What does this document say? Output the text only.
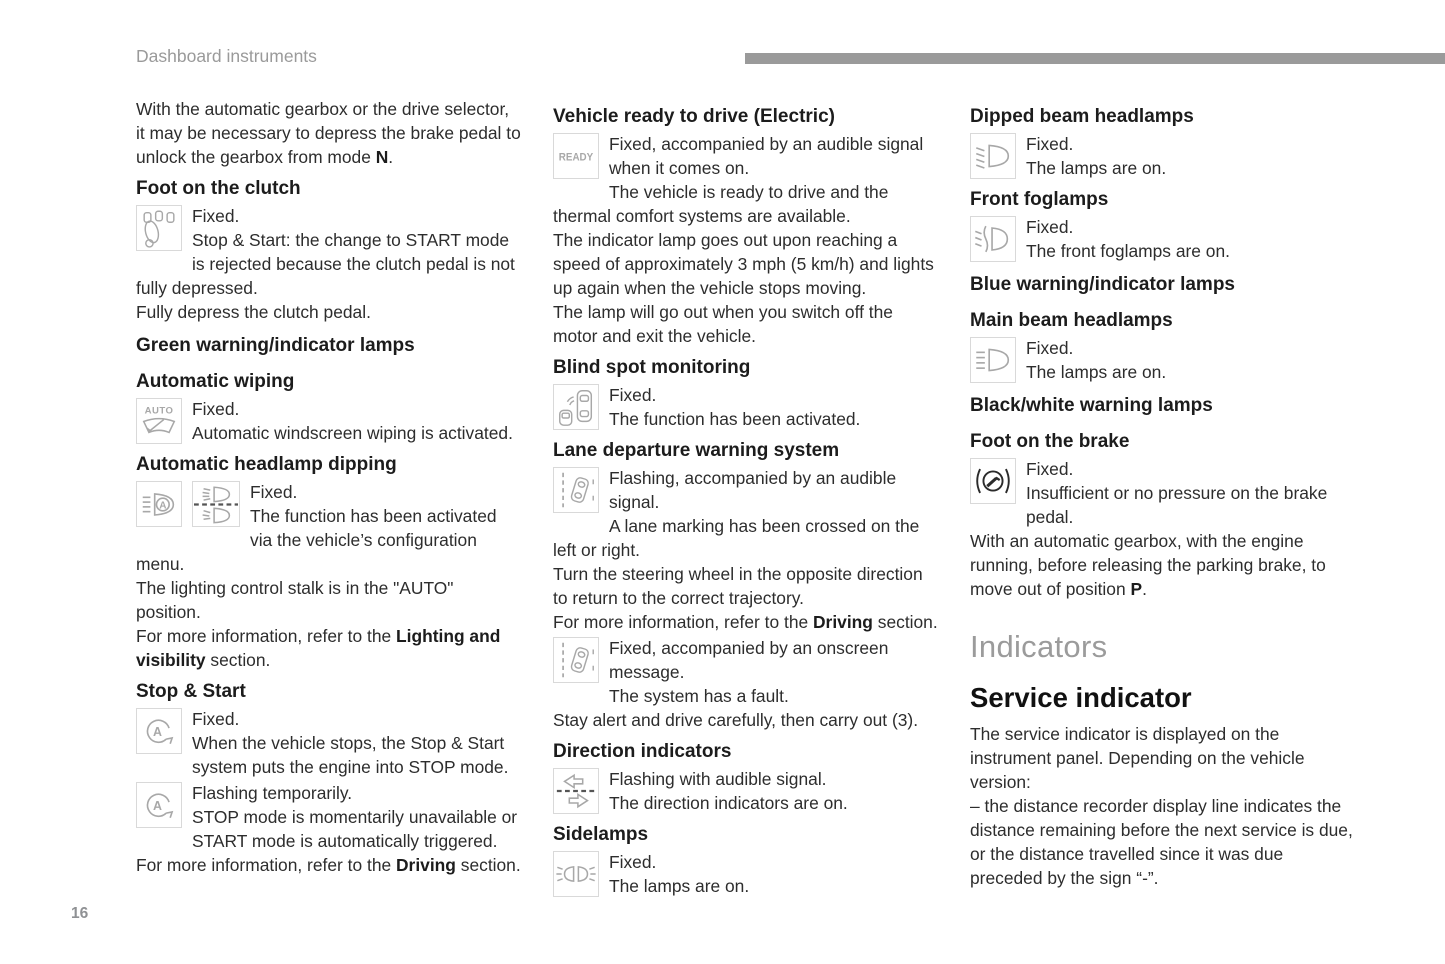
Dashboard instruments
With the automatic gearbox or the drive selector, it may be necessary to depress the brake pedal to unlock the gearbox from mode N.
Foot on the clutch
Fixed.
Stop & Start: the change to START mode is rejected because the clutch pedal is not fully depressed.
Fully depress the clutch pedal.
Green warning/indicator lamps
Automatic wiping
AUTO	Fixed.
Automatic windscreen wiping is activated.
Automatic headlamp dipping
A
Fixed.
The function has been activated via the vehicle’s configuration menu.
The lighting control stalk is in the "AUTO" position.
For more information, refer to the Lighting and visibility section.
Stop & Start
A
Fixed.
When the vehicle stops, the Stop & Start system puts the engine into STOP mode.
A
Flashing temporarily.
STOP mode is momentarily unavailable or START mode is automatically triggered.
For more information, refer to the Driving section.
Vehicle ready to drive (Electric)
READY
Fixed, accompanied by an audible signal when it comes on.
The vehicle is ready to drive and the thermal comfort systems are available.
The indicator lamp goes out upon reaching a speed of approximately 3 mph (5 km/h) and lights up again when the vehicle stops moving.
The lamp will go out when you switch off the motor and exit the vehicle.
Blind spot monitoring
Fixed.
The function has been activated.
Lane departure warning system
Flashing, accompanied by an audible signal.
A lane marking has been crossed on the left or right.
Turn the steering wheel in the opposite direction to return to the correct trajectory.
For more information, refer to the Driving section.
Fixed, accompanied by an onscreen message.
The system has a fault.
Stay alert and drive carefully, then carry out (3).
Direction indicators
Flashing with audible signal.
The direction indicators are on.
Sidelamps
Fixed.
The lamps are on.
Dipped beam headlamps
Fixed.
The lamps are on.
Front foglamps
Fixed.
The front foglamps are on.
Blue warning/indicator lamps
Main beam headlamps
Fixed.
The lamps are on.
Black/white warning lamps
Foot on the brake
Fixed.
Insufficient or no pressure on the brake pedal.
With an automatic gearbox, with the engine running, before releasing the parking brake, to move out of position P.
Indicators
Service indicator
The service indicator is displayed on the instrument panel. Depending on the vehicle version:
– the distance recorder display line indicates the distance remaining before the next service is due, or the distance travelled since it was due preceded by the sign “-”.
16
